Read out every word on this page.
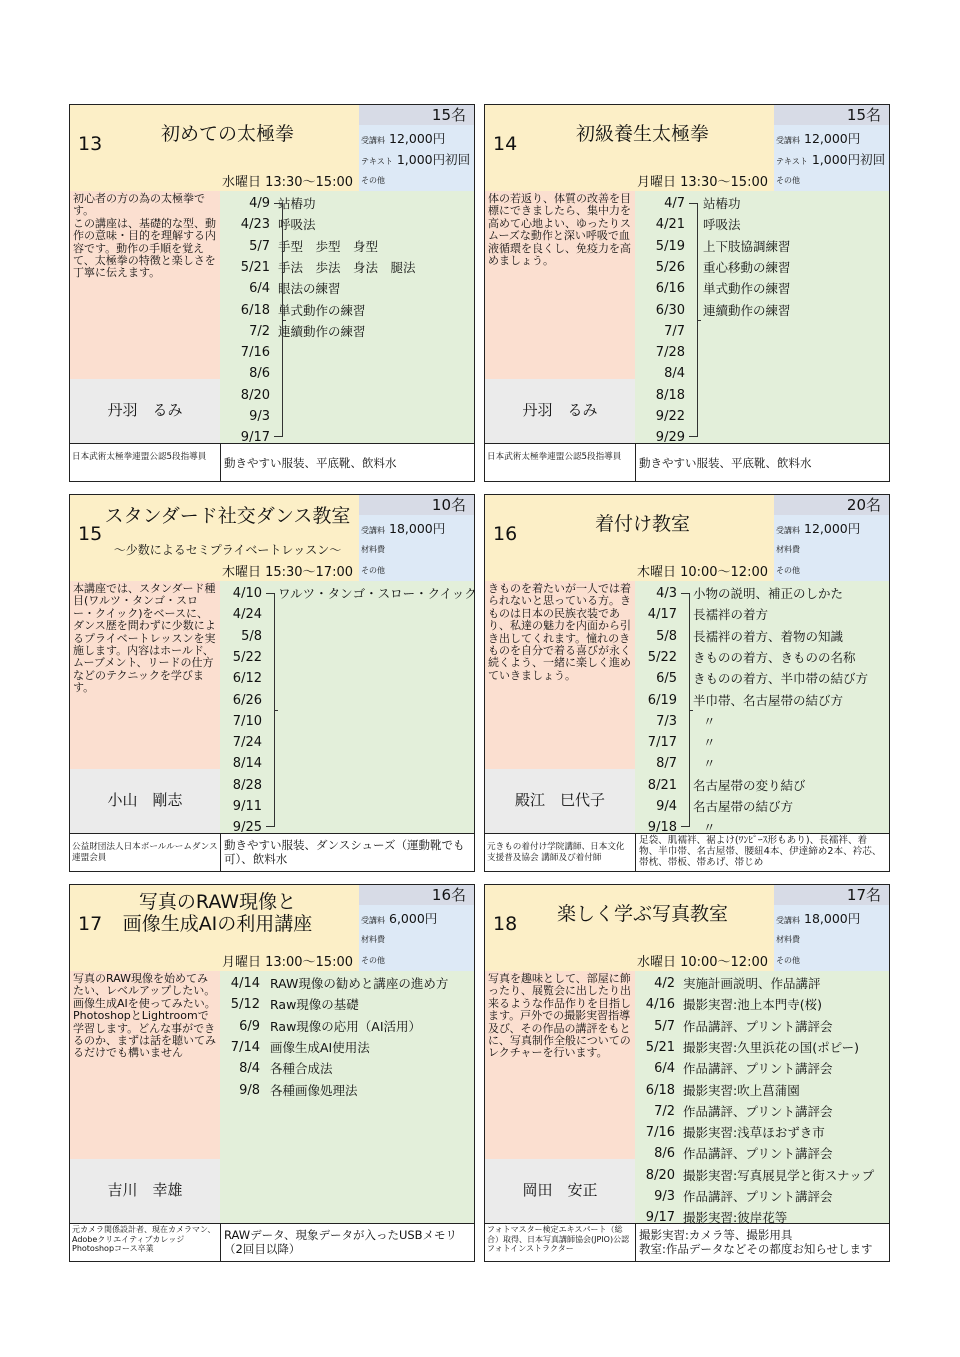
13	初めての太極拳
水曜日 13:30～15:00
15名
受講料 12,000円
テキスト 1,000円初回
その他
初心者の方の為の太極拳です。
この講座は、基礎的な型、動作の意味・目的を理解する内容です。動作の手順を覚えて、太極拳の特徴と楽しさを丁寧に伝えます。
丹羽　るみ
4/9 站樁功
4/23 呼吸法
5/7 手型　歩型　身型
5/21 手法　歩法　身法　腿法
6/4 眼法の練習
6/18 単式動作の練習
7/2 連續動作の練習
7/16
8/6
8/20
9/3
9/17
日本武術太極拳連盟公認5段指導員	動きやすい服装、平底靴、飲料水
14	初級養生太極拳
月曜日 13:30～15:00
15名
受講料 12,000円
テキスト 1,000円初回
その他
体の若返り、体質の改善を目標にできましたら、集中力を高めて心地よい、ゆったりスムーズな動作と深い呼吸で血液循環を良くし、免疫力を高めましょう。
丹羽　るみ
4/7 站樁功
4/21 呼吸法
5/19 上下肢協調練習
5/26 重心移動の練習
6/16 単式動作の練習
6/30 連續動作の練習
7/7
7/28
8/4
8/18
9/22
9/29
日本武術太極拳連盟公認5段指導員	動きやすい服装、平底靴、飲料水
15
スタンダード社交ダンス教室
～少数によるセミプライベートレッスン～
木曜日 15:30～17:00
10名
受講料 18,000円
材料費
その他
本講座では、スタンダード種目(ワルツ・タンゴ・スロー・クイック)をベースに、ダンス歴を問わずに少数によるプライベートレッスンを実施します。内容はホールド、ムーブメント、リードの仕方などのテクニックを学びます。
小山　剛志
4/10 ワルツ・タンゴ・スロー・クイック
4/24
5/8
5/22
6/12
6/26
7/10
7/24
8/14
8/28
9/11
9/25
公益財団法人日本ボールルームダンス連盟会員
動きやすい服装、ダンスシューズ（運動靴でも可）、飲料水
16	着付け教室
木曜日 10:00～12:00
20名
受講料 12,000円
材料費
その他
きものを着たいが一人では着られないと思っている方。きものは日本の民族衣装であり、私達の魅力を内面から引き出してくれます。憧れのきものを自分で着る喜びが永く続くよう、一緒に楽しく進めていきましょう。
殿江　巳代子
4/3 小物の説明、補正のしかた
4/17 長襦袢の着方
5/8 長襦袢の着方、着物の知識
5/22 きものの着方、きものの名称
6/5 きものの着方、半巾帯の結び方
6/19 半巾帯、名古屋帯の結び方
7/3	〃
7/17	〃
8/7	〃
8/21 名古屋帯の変り結び
9/4 名古屋帯の結び方
9/18	〃
元きもの着付け学院講師、日本文化支援普及協会 講師及び着付師
足袋、肌襦袢、裾よけ(ﾜﾝﾋﾟｰｽ形もあり)、長襦袢、着物、半巾帯、名古屋帯、腰紐4本、伊達締め2本、衿芯、帯枕、帯板、帯あげ、帯じめ
17
写真のRAW現像と
画像生成AIの利用講座
月曜日 13:00～15:00
16名
受講料 6,000円
材料費
その他
写真のRAW現像を始めてみたい、レベルアップしたい。画像生成AIを使ってみたい。PhotoshopとLightroomで学習します。どんな事ができるのか、まずは話を聴いてみるだけでも構いません
吉川　幸雄
4/14 RAW現像の勧めと講座の進め方
5/12 Raw現像の基礎
6/9 Raw現像の応用（AI活用）
7/14 画像生成AI使用法
8/4 各種合成法
9/8 各種画像処理法
元カメラ関係設計者、現在カメラマン、Adobeクリエイティブカレッジ Photoshopコース卒業
RAWデータ、現象データが入ったUSBメモリ（2回目以降）
18	楽しく学ぶ写真教室
水曜日 10:00～12:00
17名
受講料 18,000円
材料費
その他
写真を趣味として、部屋に飾ったり、展覧会に出したり出来るような作品作りを目指します。戸外での撮影実習指導及び、その作品の講評をもとに、写真制作全般についてのレクチャーを行います。
岡田　安正
4/2 実施計画説明、作品講評
4/16 撮影実習:池上本門寺(桜)
5/7 作品講評、プリント講評会
5/21 撮影実習:久里浜花の国(ポピー)
6/4 作品講評、プリント講評会
6/18 撮影実習:吹上菖蒲園
7/2 作品講評、プリント講評会
7/16 撮影実習:浅草ほおずき市
8/6 作品講評、プリント講評会
8/20 撮影実習:写真展見学と街スナップ
9/3 作品講評、プリント講評会
9/17 撮影実習:彼岸花等
フォトマスター検定エキスパート（総合）取得、日本写真講師協会(JPIO)公認フォトインストラクター
撮影実習:カメラ等、撮影用具
教室:作品データなどその都度お知らせします
